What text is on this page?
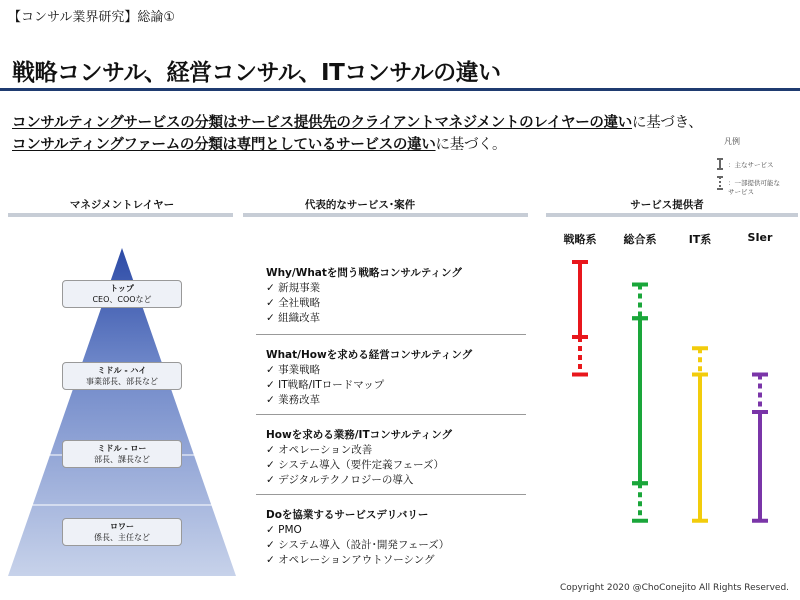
【コンサル業界研究】総論①
戦略コンサル、経営コンサル、ITコンサルの違い
コンサルティングサービスの分類はサービス提供先のクライアントマネジメントのレイヤーの違いに基づき、
コンサルティングファームの分類は専門としているサービスの違いに基づく。	凡例
：主なサービス
：一部提供可能な
サービス
マネジメントレイヤー	代表的なサービス･案件	サービス提供者
トップ
CEO、COOなど
ミドル - ハイ
事業部長、部長など
ミドル - ロー
部長、課長など
ロワー
係長、主任など
Why/Whatを問う戦略コンサルティング
✓ 新規事業
✓ 全社戦略
✓ 組織改革
What/Howを求める経営コンサルティング
✓ 事業戦略
✓ IT戦略/ITロードマップ
✓ 業務改革
Howを求める業務/ITコンサルティング
✓ オペレーション改善
✓ システム導入（要件定義フェーズ）
✓ デジタルテクノロジーの導入
Doを協業するサービスデリバリー
✓ PMO
✓ システム導入（設計･開発フェーズ）
✓ オペレーションアウトソーシング
戦略系	総合系	IT系	SIer
Copyright 2020 @ChoConejito All Rights Reserved.
